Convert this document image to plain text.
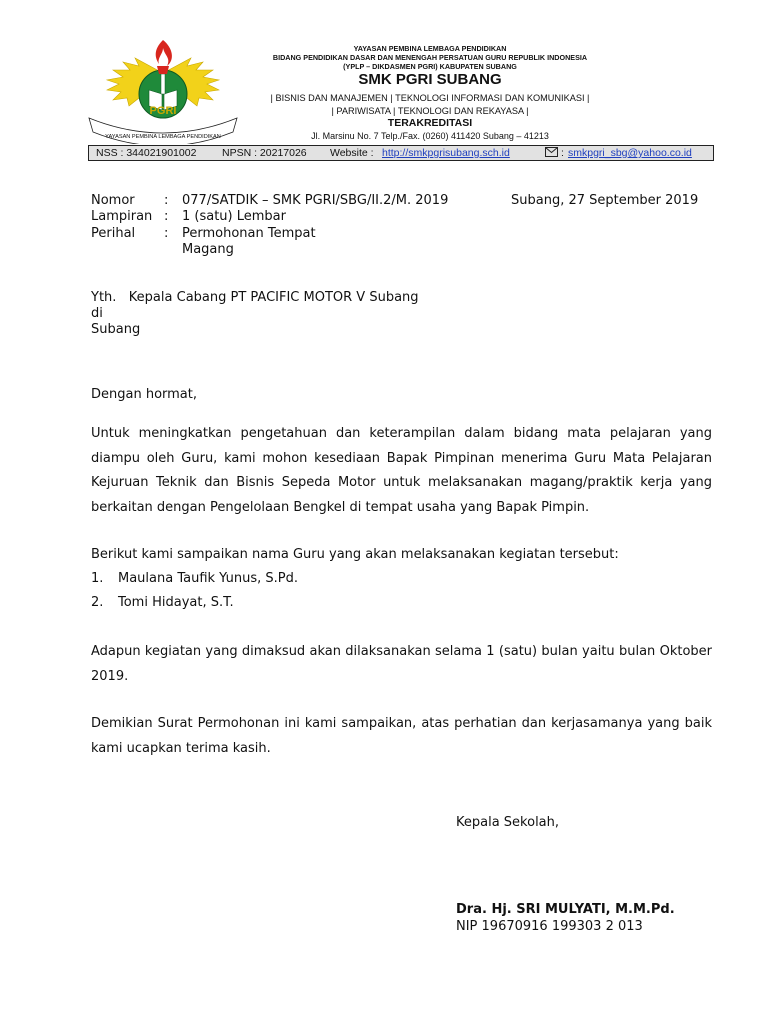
PGRI
YAYASAN PEMBINA LEMBAGA PENDIDIKAN
YAYASAN PEMBINA LEMBAGA PENDIDIKAN
BIDANG PENDIDIKAN DASAR DAN MENENGAH PERSATUAN GURU REPUBLIK INDONESIA
(YPLP – DIKDASMEN PGRI) KABUPATEN SUBANG
SMK PGRI SUBANG
| BISNIS DAN MANAJEMEN | TEKNOLOGI INFORMASI DAN KOMUNIKASI |
| PARIWISATA | TEKNOLOGI DAN REKAYASA |
TERAKREDITASI
Jl. Marsinu No. 7 Telp./Fax. (0260) 411420 Subang – 41213
NSS : 344021901002 NPSN : 20217026 Website : http://smkpgrisubang.sch.id	: smkpgri_sbg@yahoo.co.id
Nomor : 077/SATDIK – SMK PGRI/SBG/II.2/M. 2019	Subang, 27 September 2019
Lampiran : 1 (satu) Lembar
Perihal : Permohonan Tempat
Magang
Yth.   Kepala Cabang PT PACIFIC MOTOR V Subang
di
Subang
Dengan hormat,
Untuk meningkatkan pengetahuan dan keterampilan dalam bidang mata pelajaran yang diampu oleh Guru, kami mohon kesediaan Bapak Pimpinan menerima Guru Mata Pelajaran Kejuruan Teknik dan Bisnis Sepeda Motor untuk melaksanakan magang/praktik kerja yang berkaitan dengan Pengelolaan Bengkel di tempat usaha yang Bapak Pimpin.
Berikut kami sampaikan nama Guru yang akan melaksanakan kegiatan tersebut:
1. Maulana Taufik Yunus, S.Pd.
2. Tomi Hidayat, S.T.
Adapun kegiatan yang dimaksud akan dilaksanakan selama 1 (satu) bulan yaitu bulan Oktober 2019.
Demikian Surat Permohonan ini kami sampaikan, atas perhatian dan kerjasamanya yang baik kami ucapkan terima kasih.
Kepala Sekolah,
Dra. Hj. SRI MULYATI, M.M.Pd.
NIP 19670916 199303 2 013
